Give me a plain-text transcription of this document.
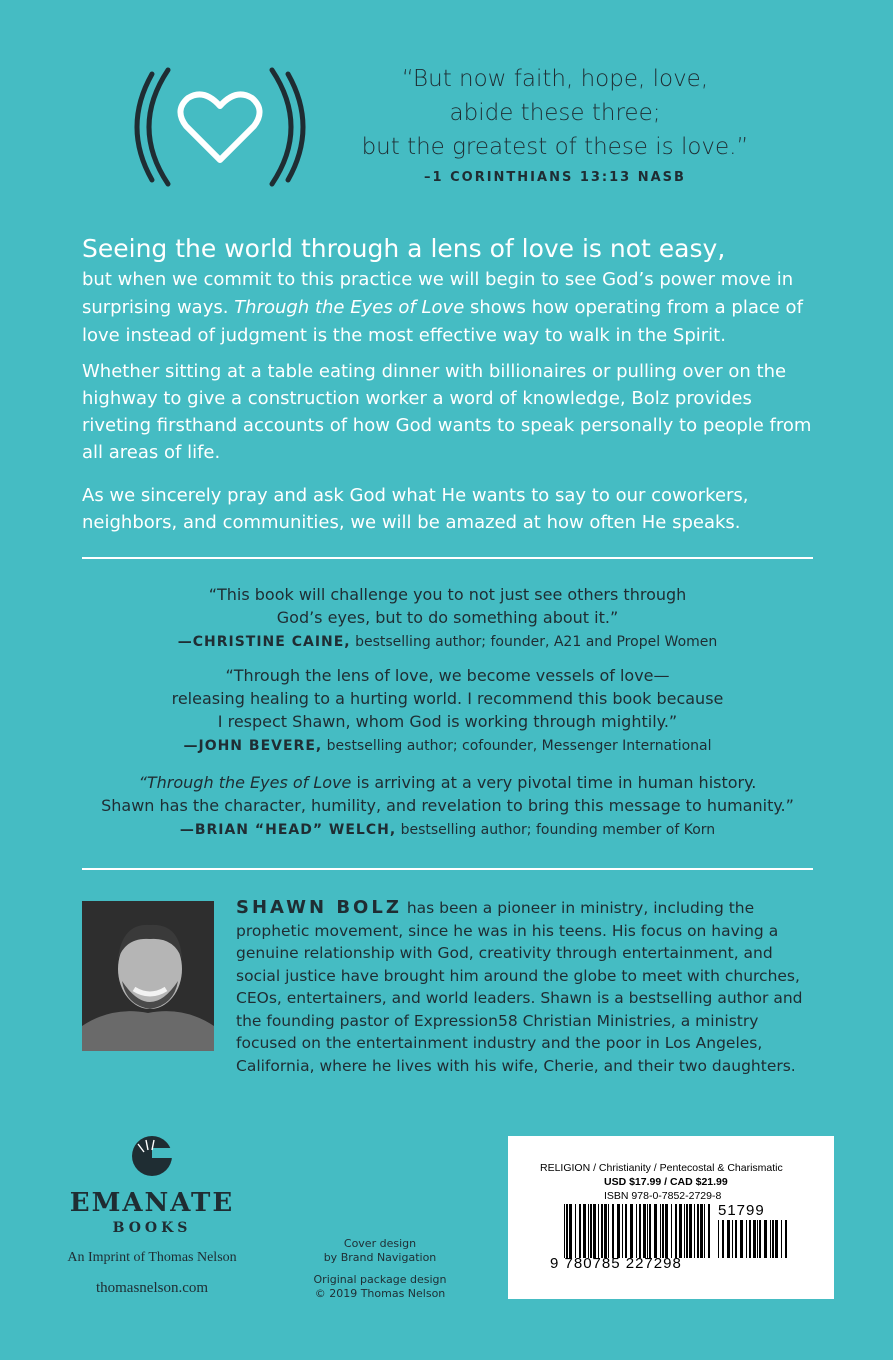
“But now faith, hope, love,
abide these three;
but the greatest of these is love.”
–1 CORINTHIANS 13:13 NASB
Seeing the world through a lens of love is not easy,
but when we commit to this practice we will begin to see God’s power move in surprising ways. Through the Eyes of Love shows how operating from a place of love instead of judgment is the most effective way to walk in the Spirit.
Whether sitting at a table eating dinner with billionaires or pulling over on the highway to give a construction worker a word of knowledge, Bolz provides riveting firsthand accounts of how God wants to speak personally to people from all areas of life.
As we sincerely pray and ask God what He wants to say to our coworkers, neighbors, and communities, we will be amazed at how often He speaks.
“This book will challenge you to not just see others through
God’s eyes, but to do something about it.”
—CHRISTINE CAINE, bestselling author; founder, A21 and Propel Women
“Through the lens of love, we become vessels of love—
releasing healing to a hurting world. I recommend this book because
I respect Shawn, whom God is working through mightily.”
—JOHN BEVERE, bestselling author; cofounder, Messenger International
“Through the Eyes of Love is arriving at a very pivotal time in human history.
Shawn has the character, humility, and revelation to bring this message to humanity.”
—BRIAN “HEAD” WELCH, bestselling author; founding member of Korn
SHAWN BOLZ has been a pioneer in ministry, including the prophetic movement, since he was in his teens. His focus on having a genuine relationship with God, creativity through entertainment, and social justice have brought him around the globe to meet with churches, CEOs, entertainers, and world leaders. Shawn is a bestselling author and the founding pastor of Expression58 Christian Ministries, a ministry focused on the entertainment industry and the poor in Los Angeles, California, where he lives with his wife, Cherie, and their two daughters.
EMANATE
BOOKS
An Imprint of Thomas Nelson
thomasnelson.com
Cover design
by Brand Navigation
Original package design
© 2019 Thomas Nelson
RELIGION / Christianity / Pentecostal & Charismatic
USD $17.99 / CAD $21.99
ISBN 978-0-7852-2729-8
51799
9 780785 227298
